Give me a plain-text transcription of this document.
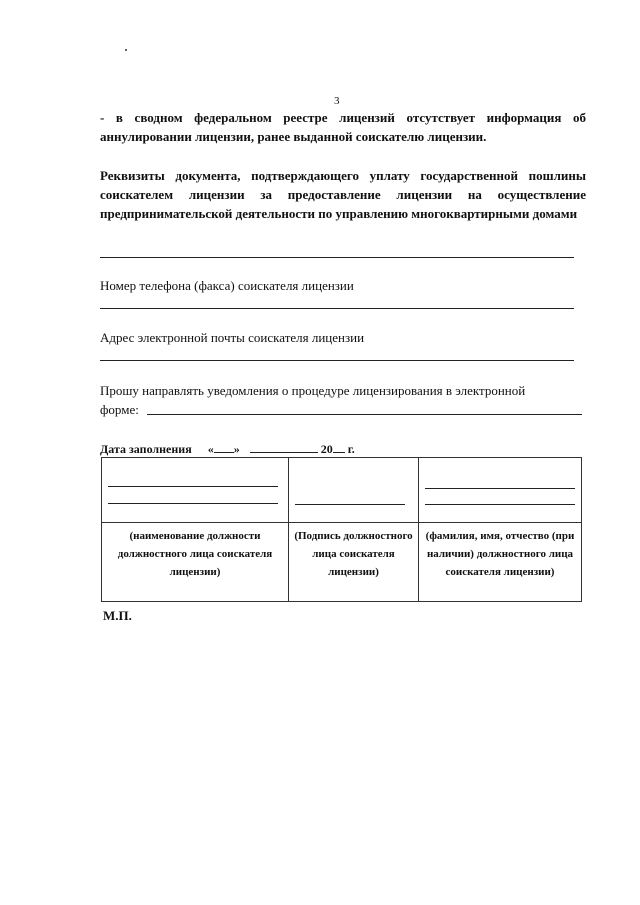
3
- в сводном федеральном реестре лицензий отсутствует информация об аннулировании лицензии, ранее выданной соискателю лицензии.
Реквизиты документа, подтверждающего уплату государственной пошлины соискателем лицензии за предоставление лицензии на осуществление предпринимательской деятельности по управлению многоквартирными домами
Номер телефона (факса) соискателя лицензии
Адрес электронной почты соискателя лицензии
Прошу направлять уведомления о процедуре лицензирования в электронной
форме:
Дата заполнения « »	20 г.

(наименование должности должностного лица соискателя лицензии)	(Подпись должностного лица соискателя лицензии)	(фамилия, имя, отчество (при наличии) должностного лица соискателя лицензии)
М.П.
